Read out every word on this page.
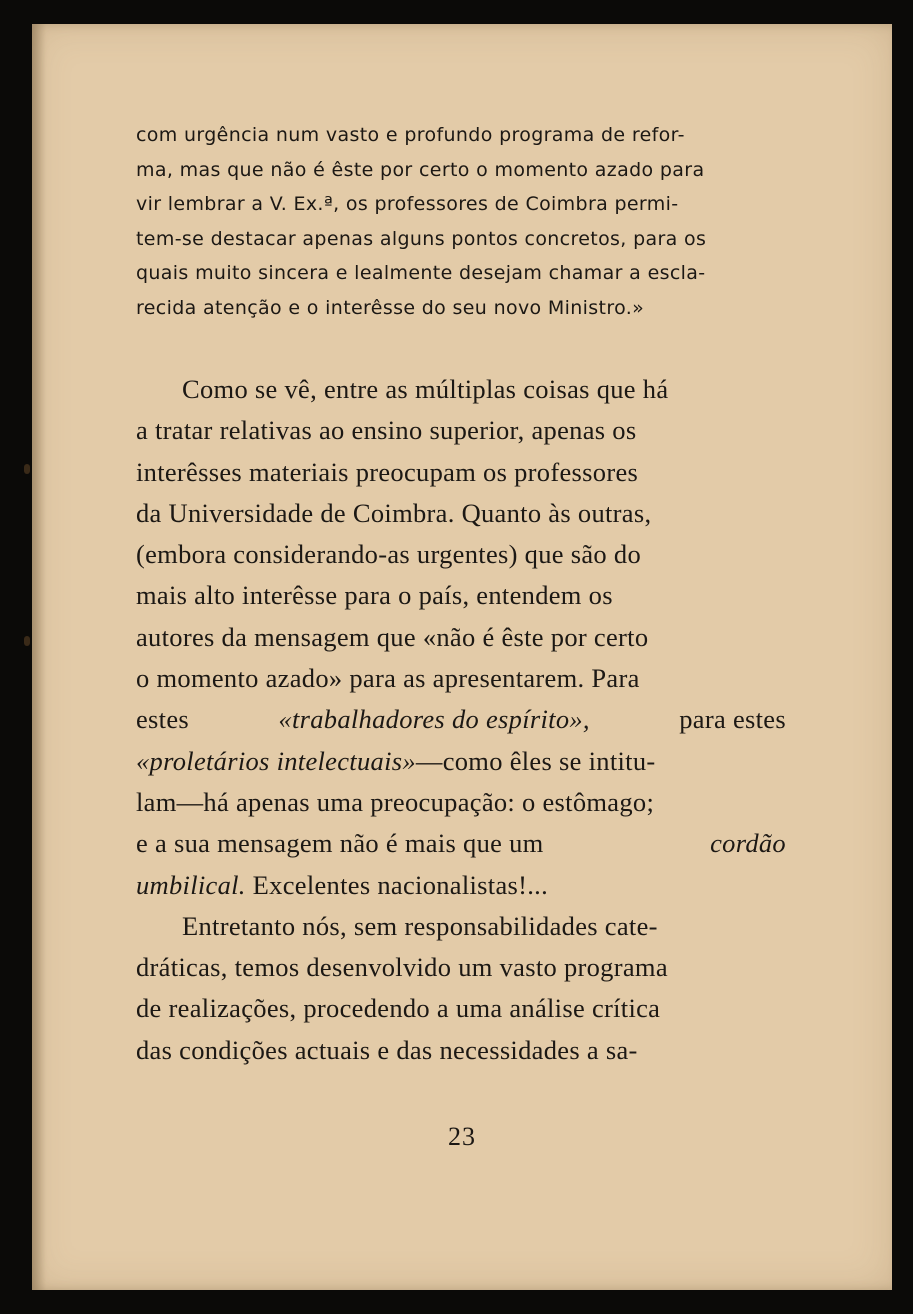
com urgência num vasto e profundo programa de refor-
ma, mas que não é êste por certo o momento azado para
vir lembrar a V. Ex.ª, os professores de Coimbra permi-
tem-se destacar apenas alguns pontos concretos, para os
quais muito sincera e lealmente desejam chamar a escla-
recida atenção e o interêsse do seu novo Ministro.»
Como se vê, entre as múltiplas coisas que há
a tratar relativas ao ensino superior, apenas os
interêsses materiais preocupam os professores
da Universidade de Coimbra. Quanto às outras,
(embora considerando-as urgentes) que são do
mais alto interêsse para o país, entendem os
autores da mensagem que «não é êste por certo
o momento azado» para as apresentarem. Para
estes	«trabalhadores do espírito»,	para estes
«proletários intelectuais»—como êles se intitu-
lam—há apenas uma preocupação: o estômago;
e a sua mensagem não é mais que um	cordão
umbilical. Excelentes nacionalistas!...
Entretanto nós, sem responsabilidades cate-
dráticas, temos desenvolvido um vasto programa
de realizações, procedendo a uma análise crítica
das condições actuais e das necessidades a sa-
23
